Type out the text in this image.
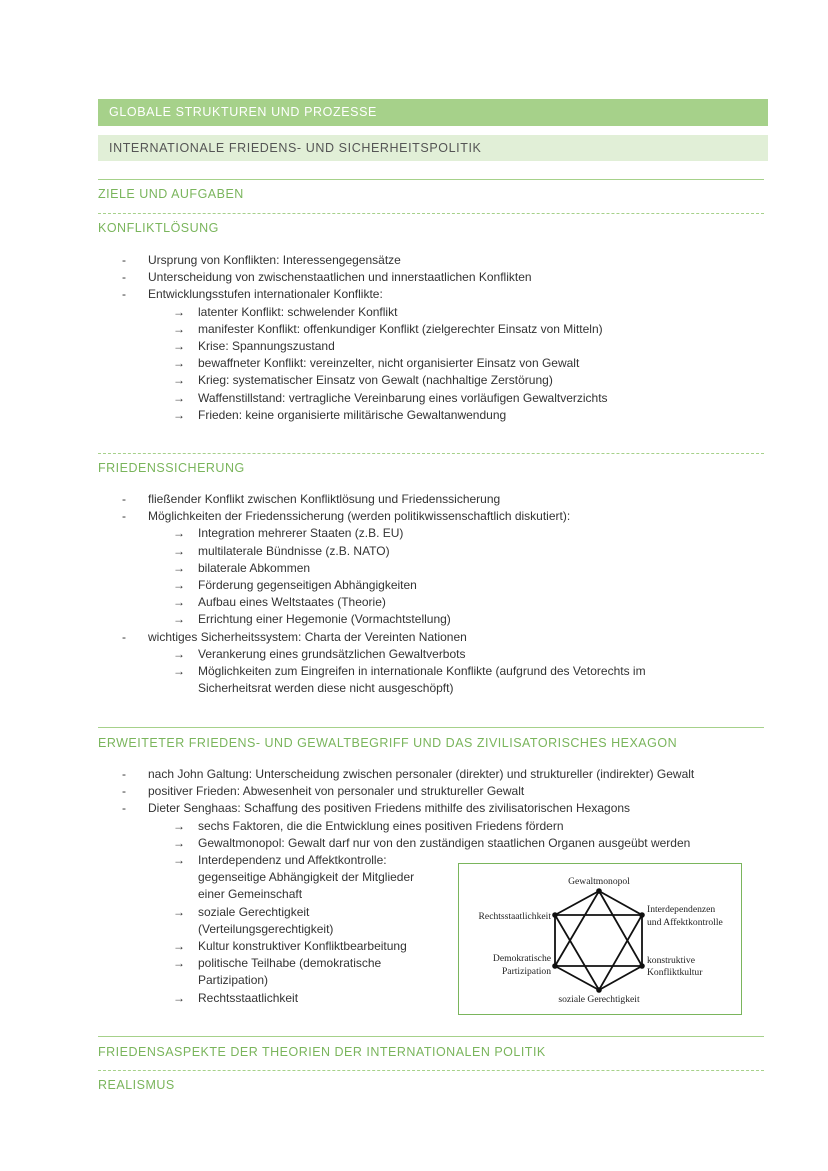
GLOBALE STRUKTUREN UND PROZESSE
INTERNATIONALE FRIEDENS- UND SICHERHEITSPOLITIK
ZIELE UND AUFGABEN
KONFLIKTLÖSUNG
- Ursprung von Konflikten: Interessengegensätze
- Unterscheidung von zwischenstaatlichen und innerstaatlichen Konflikten
- Entwicklungsstufen internationaler Konflikte:
→ latenter Konflikt: schwelender Konflikt
→ manifester Konflikt: offenkundiger Konflikt (zielgerechter Einsatz von Mitteln)
→ Krise: Spannungszustand
→ bewaffneter Konflikt: vereinzelter, nicht organisierter Einsatz von Gewalt
→ Krieg: systematischer Einsatz von Gewalt (nachhaltige Zerstörung)
→ Waffenstillstand: vertragliche Vereinbarung eines vorläufigen Gewaltverzichts
→ Frieden: keine organisierte militärische Gewaltanwendung
FRIEDENSSICHERUNG
- fließender Konflikt zwischen Konfliktlösung und Friedenssicherung
- Möglichkeiten der Friedenssicherung (werden politikwissenschaftlich diskutiert):
→ Integration mehrerer Staaten (z.B. EU)
→ multilaterale Bündnisse (z.B. NATO)
→ bilaterale Abkommen
→ Förderung gegenseitigen Abhängigkeiten
→ Aufbau eines Weltstaates (Theorie)
→ Errichtung einer Hegemonie (Vormachtstellung)
- wichtiges Sicherheitssystem: Charta der Vereinten Nationen
→ Verankerung eines grundsätzlichen Gewaltverbots
→ Möglichkeiten zum Eingreifen in internationale Konflikte (aufgrund des Vetorechts im
Sicherheitsrat werden diese nicht ausgeschöpft)
ERWEITETER FRIEDENS- UND GEWALTBEGRIFF UND DAS ZIVILISATORISCHES HEXAGON
- nach John Galtung: Unterscheidung zwischen personaler (direkter) und struktureller (indirekter) Gewalt
- positiver Frieden: Abwesenheit von personaler und struktureller Gewalt
- Dieter Senghaas: Schaffung des positiven Friedens mithilfe des zivilisatorischen Hexagons
→ sechs Faktoren, die die Entwicklung eines positiven Friedens fördern
→ Gewaltmonopol: Gewalt darf nur von den zuständigen staatlichen Organen ausgeübt werden
→ Interdependenz und Affektkontrolle:
gegenseitige Abhängigkeit der Mitglieder
einer Gemeinschaft
→ soziale Gerechtigkeit
(Verteilungsgerechtigkeit)
→ Kultur konstruktiver Konfliktbearbeitung
→ politische Teilhabe (demokratische
Partizipation)
→ Rechtsstaatlichkeit
Gewaltmonopol
Rechtsstaatlichkeit
Interdependenzen
und Affektkontrolle
Demokratische
Partizipation
konstruktive
Konfliktkultur
soziale Gerechtigkeit
FRIEDENSASPEKTE DER THEORIEN DER INTERNATIONALEN POLITIK
REALISMUS
